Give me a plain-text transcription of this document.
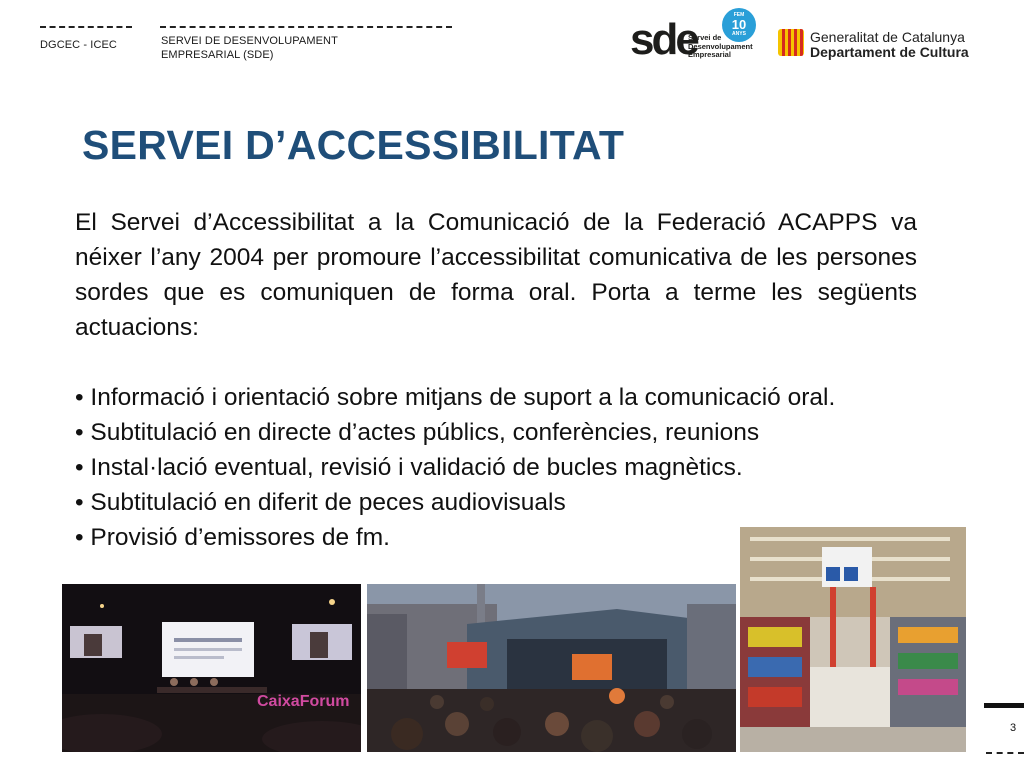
DGCEC - ICEC	SERVEI DE DESENVOLUPAMENT
EMPRESARIAL (SDE)	sde
Servei de
Desenvolupament
Empresarial
FEM
10
ANYS	Generalitat de Catalunya
Departament de Cultura
SERVEI D’ACCESSIBILITAT

El Servei d’Accessibilitat a la Comunicació de la Federació ACAPPS va néixer l’any 2004 per promoure l’accessibilitat comunicativa de les persones sordes que es comuniquen de forma oral. Porta a terme les següents actuacions:

• Informació i orientació sobre mitjans de suport a la comunicació oral.

• Subtitulació en directe d’actes públics, conferències, reunions

• Instal·lació eventual, revisió i validació de bucles magnètics.

• Subtitulació en diferit de peces audiovisuals

• Provisió d’emissores de fm.

CaixaForum
3
